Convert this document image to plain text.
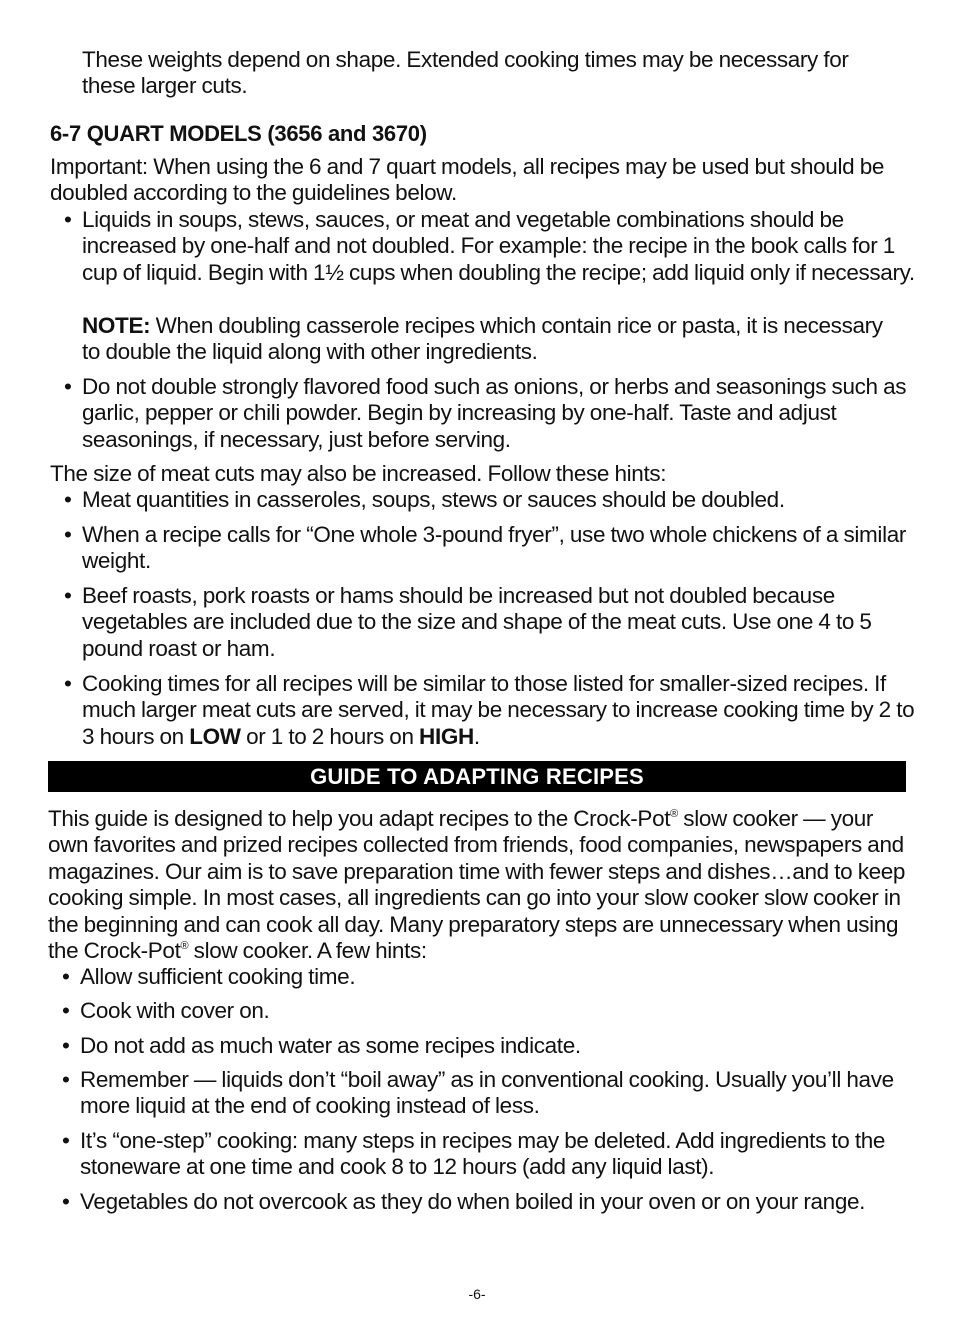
These weights depend on shape. Extended cooking times may be necessary for these larger cuts.

6-7 QUART MODELS (3656 and 3670)

Important: When using the 6 and 7 quart models, all recipes may be used but should be doubled according to the guidelines below.

•Liquids in soups, stews, sauces, or meat and vegetable combinations should be increased by one-half and not doubled. For example: the recipe in the book calls for 1 cup of liquid. Begin with 1½ cups when doubling the recipe; add liquid only if necessary.

NOTE: When doubling casserole recipes which contain rice or pasta, it is necessary to double the liquid along with other ingredients.

•Do not double strongly flavored food such as onions, or herbs and seasonings such as garlic, pepper or chili powder. Begin by increasing by one-half. Taste and adjust seasonings, if necessary, just before serving.

The size of meat cuts may also be increased. Follow these hints:

•Meat quantities in casseroles, soups, stews or sauces should be doubled.

•When a recipe calls for “One whole 3-pound fryer”, use two whole chickens of a similar weight.

•Beef roasts, pork roasts or hams should be increased but not doubled because vegetables are included due to the size and shape of the meat cuts. Use one 4 to 5 pound roast or ham.

•Cooking times for all recipes will be similar to those listed for smaller-sized recipes. If much larger meat cuts are served, it may be necessary to increase cooking time by 2 to 3 hours on LOW or 1 to 2 hours on HIGH.

GUIDE TO ADAPTING RECIPES

This guide is designed to help you adapt recipes to the Crock-Pot® slow cooker — your own favorites and prized recipes collected from friends, food companies, newspapers and magazines. Our aim is to save preparation time with fewer steps and dishes…and to keep cooking simple. In most cases, all ingredients can go into your slow cooker slow cooker in the beginning and can cook all day. Many preparatory steps are unnecessary when using the Crock-Pot® slow cooker. A few hints:

•Allow sufficient cooking time.

•Cook with cover on.

•Do not add as much water as some recipes indicate.

•Remember — liquids don’t “boil away” as in conventional cooking. Usually you’ll have more liquid at the end of cooking instead of less.

•It’s “one-step” cooking: many steps in recipes may be deleted. Add ingredients to the stoneware at one time and cook 8 to 12 hours (add any liquid last).

•Vegetables do not overcook as they do when boiled in your oven or on your range.

-6-
